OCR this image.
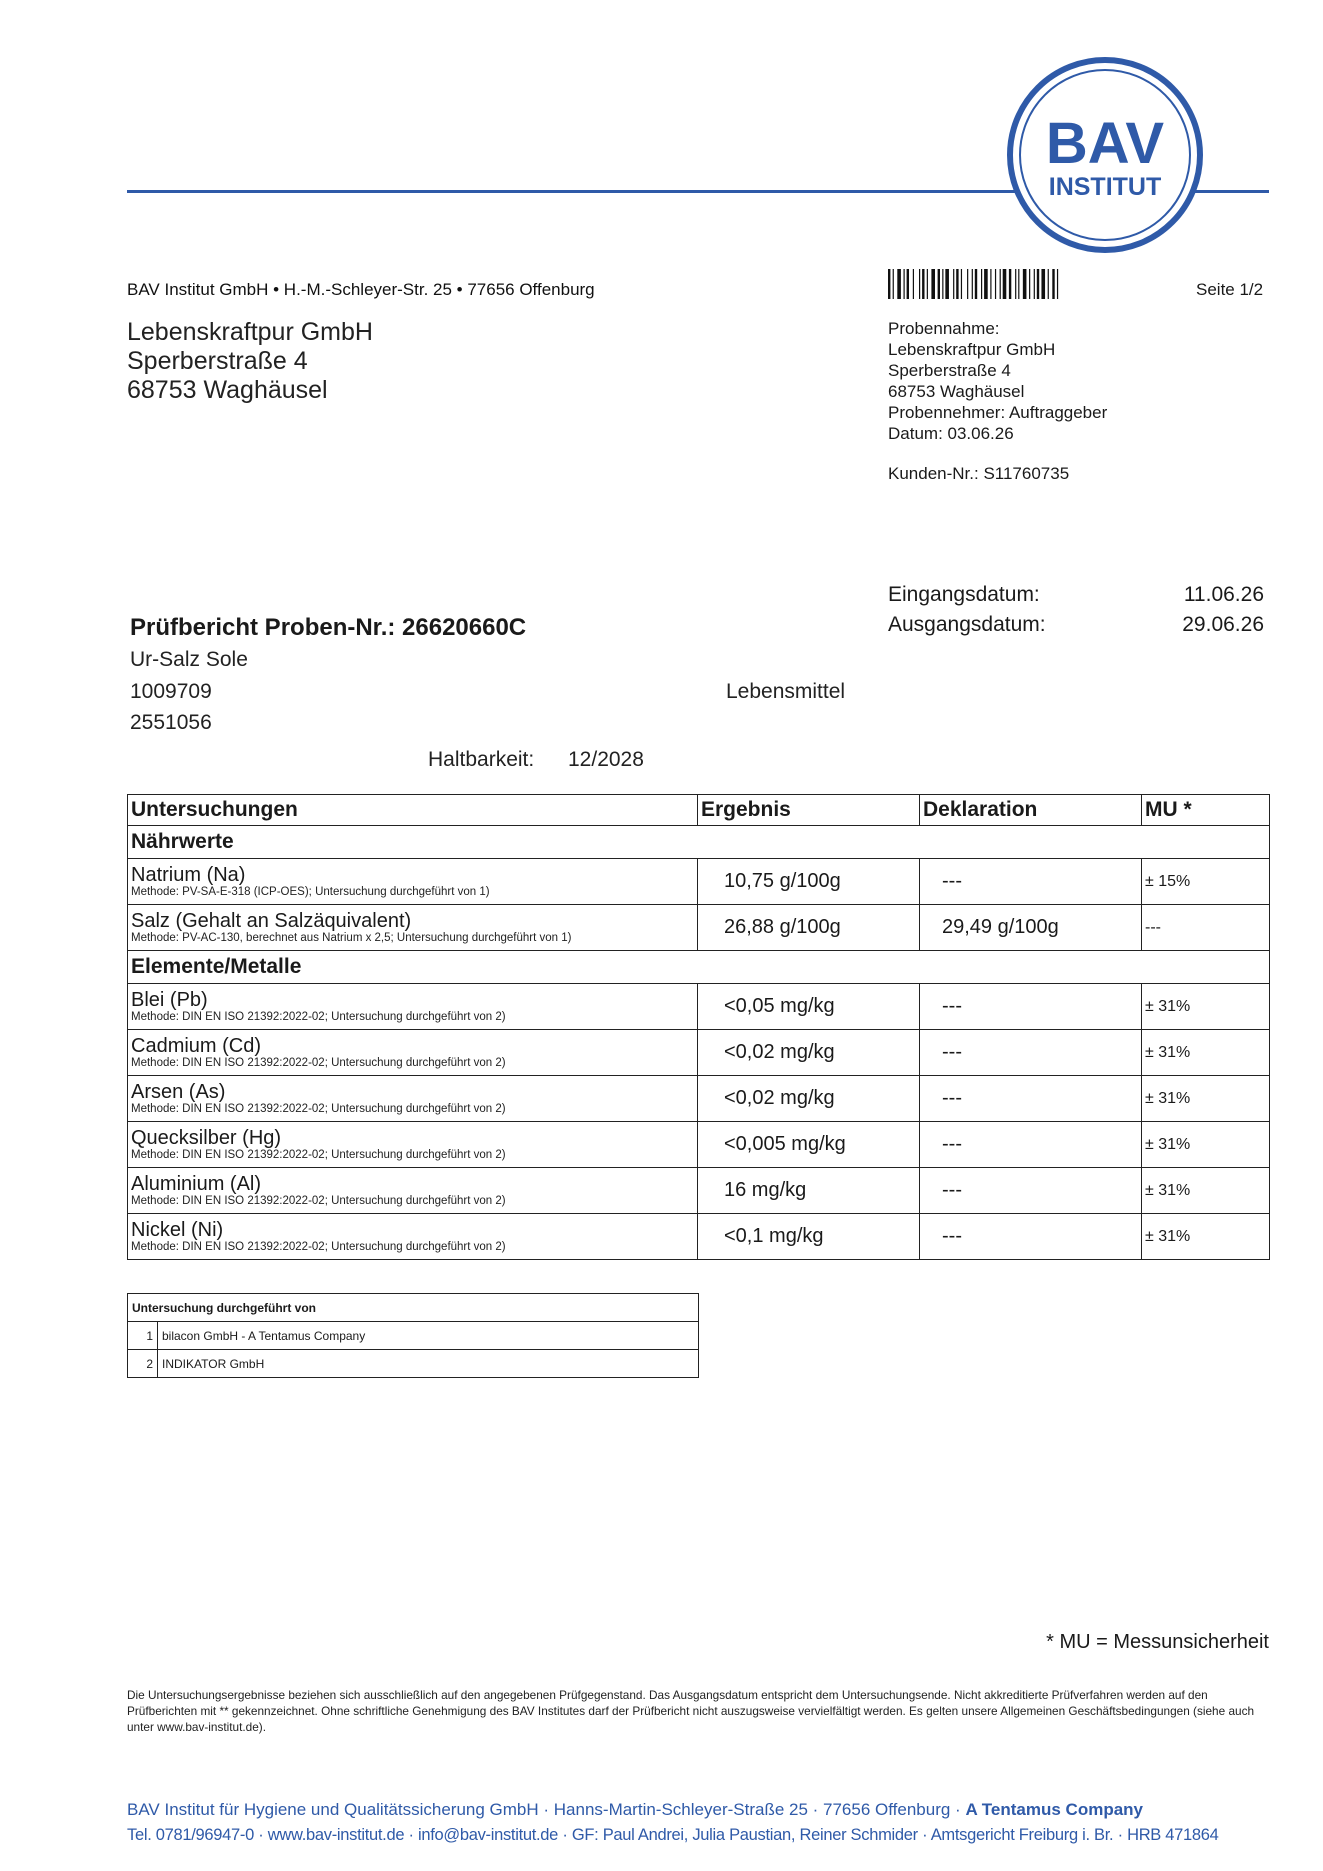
BAV
INSTITUT
BAV Institut GmbH • H.-M.-Schleyer-Str. 25 • 77656 Offenburg
Lebenskraftpur GmbH
Sperberstraße 4
68753 Waghäusel
Seite 1/2
Probennahme:
Lebenskraftpur GmbH
Sperberstraße 4
68753 Waghäusel
Probennehmer: Auftraggeber
Datum: 03.06.26
Kunden-Nr.: S11760735
Eingangsdatum:	11.06.26
Ausgangsdatum:	29.06.26
Prüfbericht Proben-Nr.: 26620660C
Ur-Salz Sole
1009709
2551056
Lebensmittel
Haltbarkeit: 12/2028
Untersuchungen	Ergebnis	Deklaration	MU *
Nährwerte			

Natrium (Na)
Methode: PV-SA-E-318 (ICP-OES); Untersuchung durchgeführt von 1)	10,75 g/100g	---	± 15%

Salz (Gehalt an Salzäquivalent)
Methode: PV-AC-130, berechnet aus Natrium x 2,5; Untersuchung durchgeführt von 1)	26,88 g/100g	29,49 g/100g	---
Elemente/Metalle			

Blei (Pb)
Methode: DIN EN ISO 21392:2022-02; Untersuchung durchgeführt von 2)	<0,05 mg/kg	---	± 31%

Cadmium (Cd)
Methode: DIN EN ISO 21392:2022-02; Untersuchung durchgeführt von 2)	<0,02 mg/kg	---	± 31%

Arsen (As)
Methode: DIN EN ISO 21392:2022-02; Untersuchung durchgeführt von 2)	<0,02 mg/kg	---	± 31%

Quecksilber (Hg)
Methode: DIN EN ISO 21392:2022-02; Untersuchung durchgeführt von 2)	<0,005 mg/kg	---	± 31%

Aluminium (Al)
Methode: DIN EN ISO 21392:2022-02; Untersuchung durchgeführt von 2)	16 mg/kg	---	± 31%

Nickel (Ni)
Methode: DIN EN ISO 21392:2022-02; Untersuchung durchgeführt von 2)	<0,1 mg/kg	---	± 31%
Untersuchung durchgeführt von	
1	bilacon GmbH - A Tentamus Company
2	INDIKATOR GmbH
* MU = Messunsicherheit
Die Untersuchungsergebnisse beziehen sich ausschließlich auf den angegebenen Prüfgegenstand. Das Ausgangsdatum entspricht dem Untersuchungsende. Nicht akkreditierte Prüfverfahren werden auf den Prüfberichten mit ** gekennzeichnet. Ohne schriftliche Genehmigung des BAV Institutes darf der Prüfbericht nicht auszugsweise vervielfältigt werden. Es gelten unsere Allgemeinen Geschäftsbedingungen (siehe auch unter www.bav-institut.de).
BAV Institut für Hygiene und Qualitätssicherung GmbH · Hanns-Martin-Schleyer-Straße 25 · 77656 Offenburg · A Tentamus Company
Tel. 0781/96947-0 · www.bav-institut.de · info@bav-institut.de · GF: Paul Andrei, Julia Paustian, Reiner Schmider · Amtsgericht Freiburg i. Br. · HRB 471864
